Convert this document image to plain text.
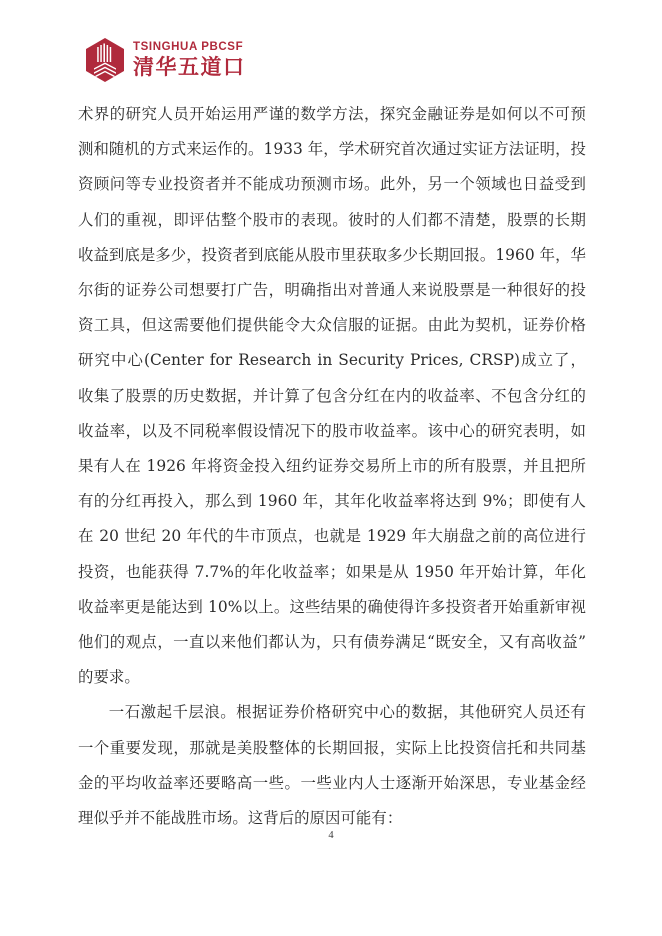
TSINGHUA PBCSF
清华五道口

术界的研究人员开始运用严谨的数学方法，探究金融证券是如何以不可预测和随机的方式来运作的。1933 年，学术研究首次通过实证方法证明，投资顾问等专业投资者并不能成功预测市场。此外，另一个领域也日益受到人们的重视，即评估整个股市的表现。彼时的人们都不清楚，股票的长期收益到底是多少，投资者到底能从股市里获取多少长期回报。1960 年，华尔街的证券公司想要打广告，明确指出对普通人来说股票是一种很好的投资工具，但这需要他们提供能令大众信服的证据。由此为契机，证券价格研究中心(Center for Research in Security Prices, CRSP)成立了，收集了股票的历史数据，并计算了包含分红在内的收益率、不包含分红的收益率，以及不同税率假设情况下的股市收益率。该中心的研究表明，如果有人在 1926 年将资金投入纽约证券交易所上市的所有股票，并且把所有的分红再投入，那么到 1960 年，其年化收益率将达到 9%；即使有人在 20 世纪 20 年代的牛市顶点，也就是 1929 年大崩盘之前的高位进行投资，也能获得 7.7%的年化收益率；如果是从 1950 年开始计算，年化收益率更是能达到 10%以上。这些结果的确使得许多投资者开始重新审视他们的观点，一直以来他们都认为，只有债券满足“既安全，又有高收益”的要求。

一石激起千层浪。根据证券价格研究中心的数据，其他研究人员还有一个重要发现，那就是美股整体的长期回报，实际上比投资信托和共同基金的平均收益率还要略高一些。一些业内人士逐渐开始深思，专业基金经理似乎并不能战胜市场。这背后的原因可能有：

4
